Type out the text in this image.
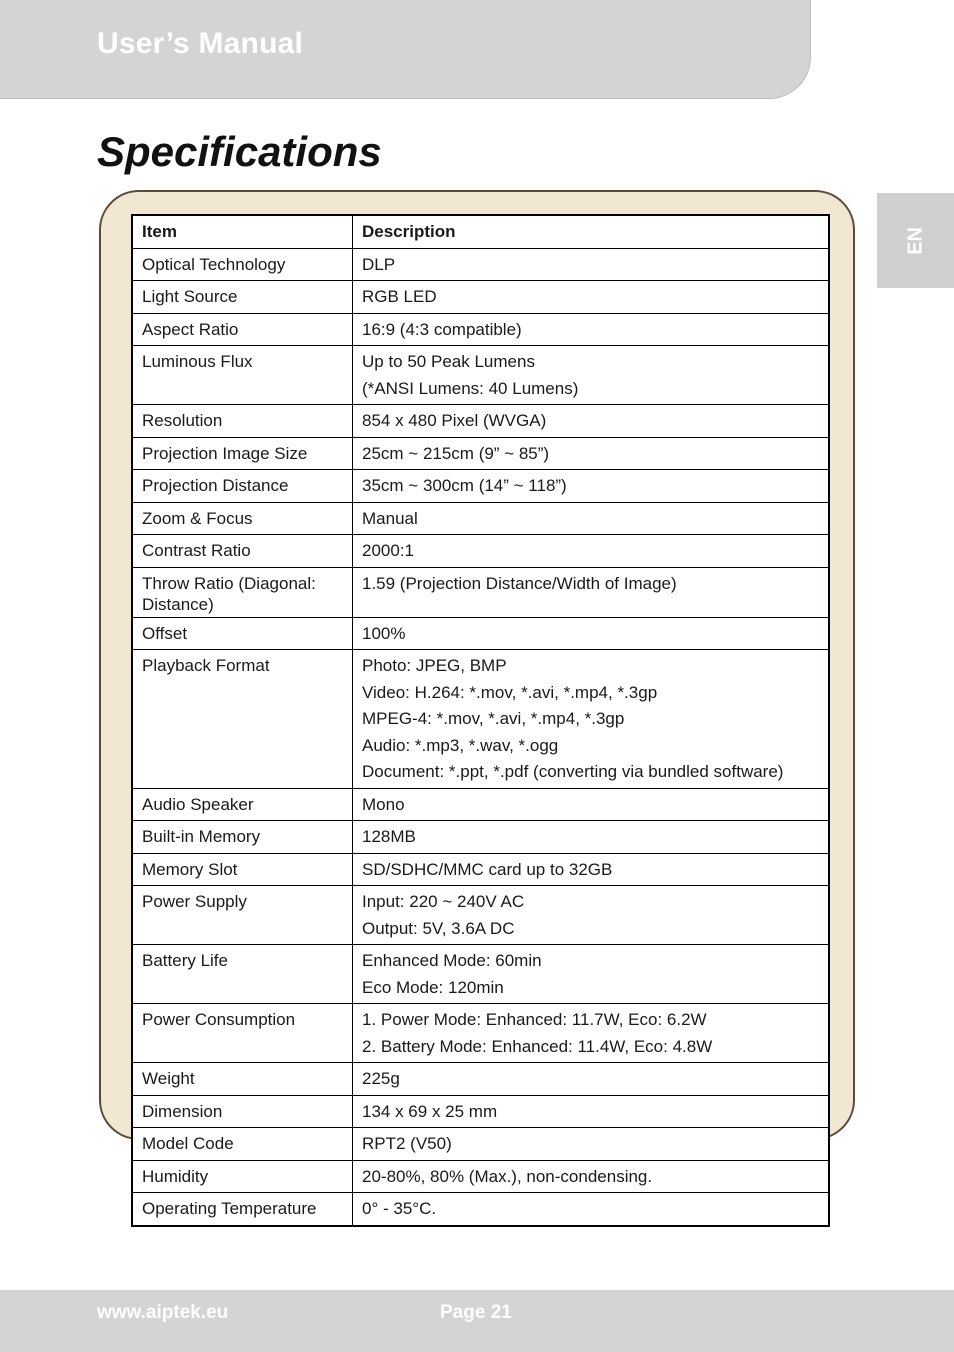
User’s Manual
EN
Specifications
Item	Description

Optical Technology	DLP

Light Source	RGB LED

Aspect Ratio	16:9 (4:3 compatible)

Luminous Flux	Up to 50 Peak Lumens
(*ANSI Lumens: 40 Lumens)

Resolution	854 x 480 Pixel (WVGA)

Projection Image Size	25cm ~ 215cm (9” ~ 85”)

Projection Distance	35cm ~ 300cm (14” ~ 118”)

Zoom & Focus	Manual

Contrast Ratio	2000:1

Throw Ratio (Diagonal: Distance)	1.59 (Projection Distance/Width of Image)

Offset	100%

Playback Format	Photo: JPEG, BMP
Video: H.264: *.mov, *.avi, *.mp4, *.3gp
MPEG-4: *.mov, *.avi, *.mp4, *.3gp
Audio: *.mp3, *.wav, *.ogg
Document: *.ppt, *.pdf (converting via bundled software)

Audio Speaker	Mono

Built-in Memory	128MB

Memory Slot	SD/SDHC/MMC card up to 32GB

Power Supply	Input: 220 ~ 240V AC
Output: 5V, 3.6A DC

Battery Life	Enhanced Mode: 60min
Eco Mode: 120min

Power Consumption	1. Power Mode: Enhanced: 11.7W, Eco: 6.2W
2. Battery Mode: Enhanced: 11.4W, Eco: 4.8W

Weight	225g

Dimension	134 x 69 x 25 mm

Model Code	RPT2 (V50)

Humidity	20-80%, 80% (Max.), non-condensing.

Operating Temperature	0° - 35°C.
www.aiptek.eu	Page 21
